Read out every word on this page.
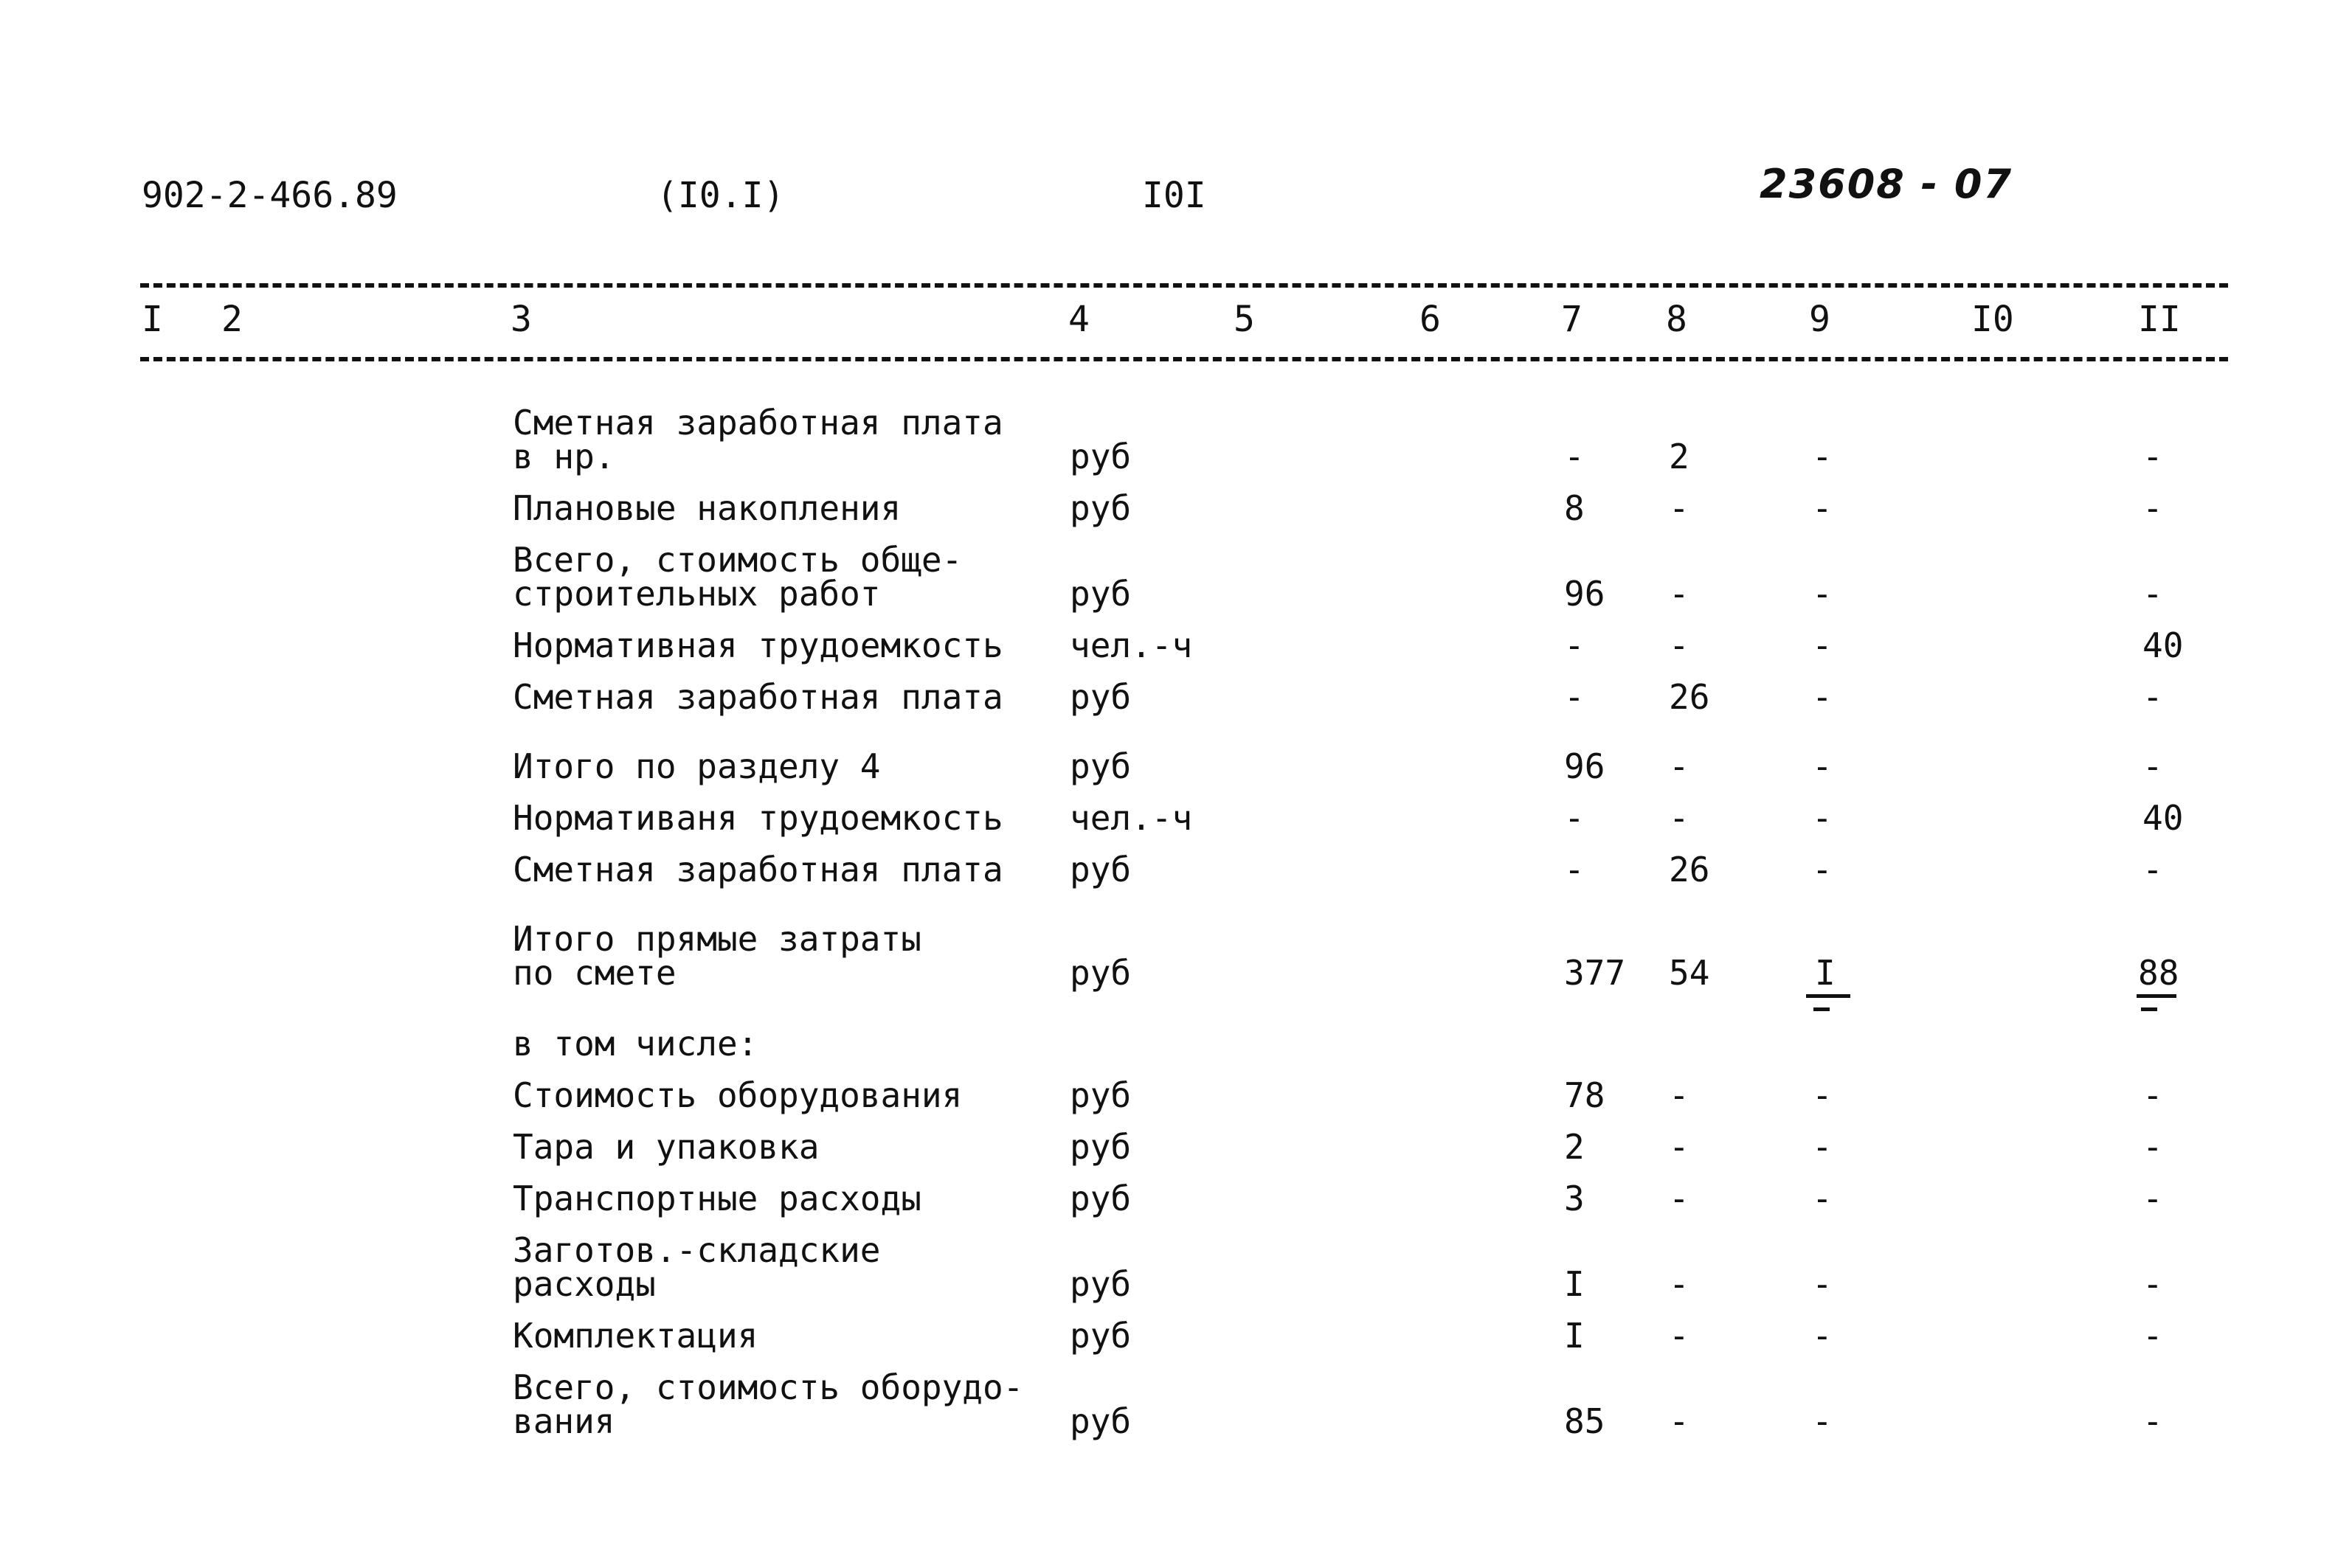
902-2-466.89	(I0.I)	I0I	23608 - 07
I 2	3	4	5	6	7 8	9	I0	II
Сметная заработная плата
в нр.	руб	- 2	-	-
Плановые накопления	руб	8 -	-	-
Всего, стоимость обще-
строительных работ	руб	96 -	-	-
Нормативная трудоемкость чел.-ч	- -	-	40
Сметная заработная плата руб	- 26	-	-
Итого по разделу 4	руб	96 -	-	-
Нормативаня трудоемкость чел.-ч	- -	-	40
Сметная заработная плата руб	- 26	-	-
Итого прямые затраты
по смете	руб	377 54	I	88
в том числе:
Стоимость оборудования	руб	78 -	-	-
Тара и упаковка	руб	2 -	-	-
Транспортные расходы	руб	3 -	-	-
Заготов.-складские
расходы	руб	I -	-	-
Комплектация	руб	I -	-	-
Всего, стоимость оборудо-
вания	руб	85 -	-	-
